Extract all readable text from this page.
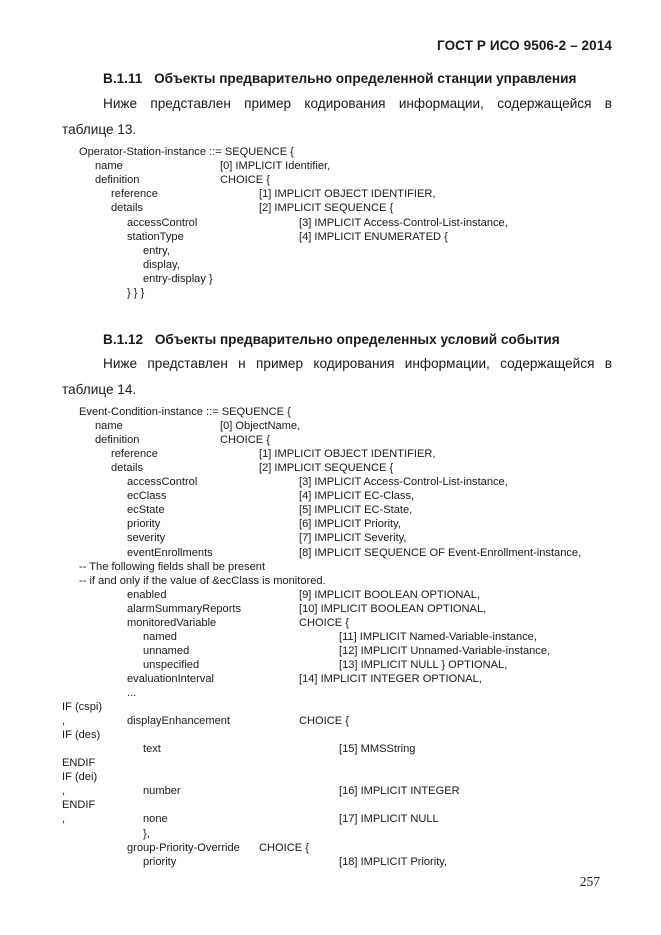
ГОСТ Р ИСО 9506-2 – 2014
B.1.11 Объекты предварительно определенной станции управления
Ниже представлен пример кодирования информации, содержащейся в
таблице 13.
Operator-Station-instance ::= SEQUENCE {
name	[0] IMPLICIT Identifier,
definition	CHOICE {
reference	[1] IMPLICIT OBJECT IDENTIFIER,
details	[2] IMPLICIT SEQUENCE {
accessControl	[3] IMPLICIT Access-Control-List-instance,
stationType	[4] IMPLICIT ENUMERATED {
entry,
display,
entry-display }
} } }
B.1.12 Объекты предварительно определенных условий события
Ниже представлен н пример кодирования информации, содержащейся в
таблице 14.
Event-Condition-instance ::= SEQUENCE {
name	[0] ObjectName,
definition	CHOICE {
reference	[1] IMPLICIT OBJECT IDENTIFIER,
details	[2] IMPLICIT SEQUENCE {
accessControl	[3] IMPLICIT Access-Control-List-instance,
ecClass	[4] IMPLICIT EC-Class,
ecState	[5] IMPLICIT EC-State,
priority	[6] IMPLICIT Priority,
severity	[7] IMPLICIT Severity,
eventEnrollments	[8] IMPLICIT SEQUENCE OF Event-Enrollment-instance,
-- The following fields shall be present
-- if and only if the value of &ecClass is monitored.
enabled	[9] IMPLICIT BOOLEAN OPTIONAL,
alarmSummaryReports	[10] IMPLICIT BOOLEAN OPTIONAL,
monitoredVariable	CHOICE {
named	[11] IMPLICIT Named-Variable-instance,
unnamed	[12] IMPLICIT Unnamed-Variable-instance,
unspecified	[13] IMPLICIT NULL } OPTIONAL,
evaluationInterval	[14] IMPLICIT INTEGER OPTIONAL,
...
IF (cspi)
,	displayEnhancement	CHOICE {
IF (des)
text	[15] MMSString
ENDIF
IF (dei)
,	number	[16] IMPLICIT INTEGER
ENDIF
,	none	[17] IMPLICIT NULL
},
group-Priority-Override CHOICE {
priority	[18] IMPLICIT Priority,
257
